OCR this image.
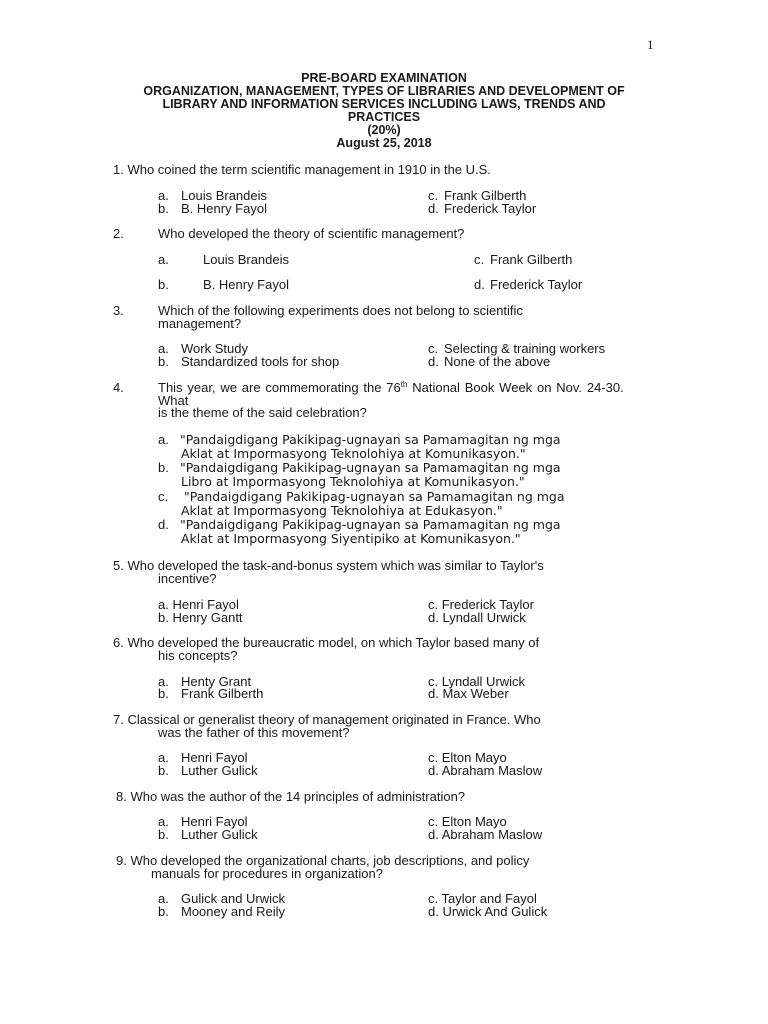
1
PRE-BOARD EXAMINATION
ORGANIZATION, MANAGEMENT, TYPES OF LIBRARIES AND DEVELOPMENT OF
LIBRARY AND INFORMATION SERVICES INCLUDING LAWS, TRENDS AND
PRACTICES
(20%)
August 25, 2018
1. Who coined the term scientific management in 1910 in the U.S.
a. Louis Brandeis
b. B. Henry Fayol
c. Frank Gilberth
d. Frederick Taylor
2.	Who developed the theory of scientific management?
a.	Louis Brandeis
b.	B. Henry Fayol
c. Frank Gilberth
d. Frederick Taylor
3.	Which of the following experiments does not belong to scientific
management?
a. Work Study
b. Standardized tools for shop
c. Selecting & training workers
d. None of the above
4.	This year, we are commemorating the 76th National Book Week on Nov. 24-30.
What
is the theme of the said celebration?
a. "Pandaigdigang Pakikipag-ugnayan sa Pamamagitan ng mga
Aklat at Impormasyong Teknolohiya at Komunikasyon."
b. "Pandaigdigang Pakikipag-ugnayan sa Pamamagitan ng mga
Libro at Impormasyong Teknolohiya at Komunikasyon."
c. "Pandaigdigang Pakikipag-ugnayan sa Pamamagitan ng mga
Aklat at Impormasyong Teknolohiya at Edukasyon."
d. "Pandaigdigang Pakikipag-ugnayan sa Pamamagitan ng mga
Aklat at Impormasyong Siyentipiko at Komunikasyon."
5. Who developed the task-and-bonus system which was similar to Taylor's
incentive?
a. Henri Fayol
b. Henry Gantt
c. Frederick Taylor
d. Lyndall Urwick
6. Who developed the bureaucratic model, on which Taylor based many of
his concepts?
a. Henty Grant
b. Frank Gilberth
c. Lyndall Urwick
d. Max Weber
7. Classical or generalist theory of management originated in France. Who
was the father of this movement?
a. Henri Fayol
b. Luther Gulick
c. Elton Mayo
d. Abraham Maslow
8. Who was the author of the 14 principles of administration?
a. Henri Fayol
b. Luther Gulick
c. Elton Mayo
d. Abraham Maslow
9. Who developed the organizational charts, job descriptions, and policy
manuals for procedures in organization?
a. Gulick and Urwick
b. Mooney and Reily
c. Taylor and Fayol
d. Urwick And Gulick
